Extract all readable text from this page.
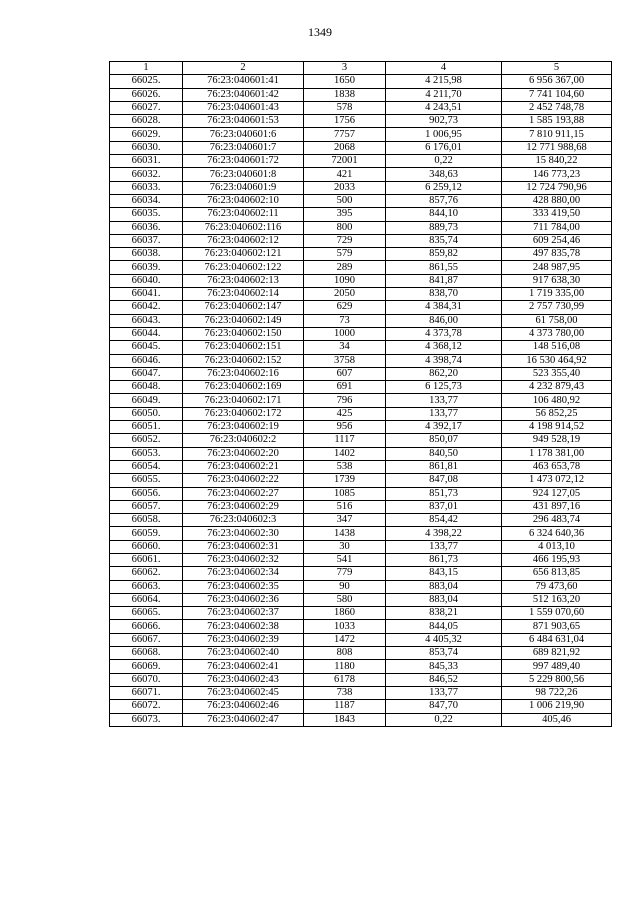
1349
1	2	3	4	5
66025.	76:23:040601:41	1650	4 215,98	6 956 367,00
66026.	76:23:040601:42	1838	4 211,70	7 741 104,60
66027.	76:23:040601:43	578	4 243,51	2 452 748,78
66028.	76:23:040601:53	1756	902,73	1 585 193,88
66029.	76:23:040601:6	7757	1 006,95	7 810 911,15
66030.	76:23:040601:7	2068	6 176,01	12 771 988,68
66031.	76:23:040601:72	72001	0,22	15 840,22
66032.	76:23:040601:8	421	348,63	146 773,23
66033.	76:23:040601:9	2033	6 259,12	12 724 790,96
66034.	76:23:040602:10	500	857,76	428 880,00
66035.	76:23:040602:11	395	844,10	333 419,50
66036.	76:23:040602:116	800	889,73	711 784,00
66037.	76:23:040602:12	729	835,74	609 254,46
66038.	76:23:040602:121	579	859,82	497 835,78
66039.	76:23:040602:122	289	861,55	248 987,95
66040.	76:23:040602:13	1090	841,87	917 638,30
66041.	76:23:040602:14	2050	838,70	1 719 335,00
66042.	76:23:040602:147	629	4 384,31	2 757 730,99
66043.	76:23:040602:149	73	846,00	61 758,00
66044.	76:23:040602:150	1000	4 373,78	4 373 780,00
66045.	76:23:040602:151	34	4 368,12	148 516,08
66046.	76:23:040602:152	3758	4 398,74	16 530 464,92
66047.	76:23:040602:16	607	862,20	523 355,40
66048.	76:23:040602:169	691	6 125,73	4 232 879,43
66049.	76:23:040602:171	796	133,77	106 480,92
66050.	76:23:040602:172	425	133,77	56 852,25
66051.	76:23:040602:19	956	4 392,17	4 198 914,52
66052.	76:23:040602:2	1117	850,07	949 528,19
66053.	76:23:040602:20	1402	840,50	1 178 381,00
66054.	76:23:040602:21	538	861,81	463 653,78
66055.	76:23:040602:22	1739	847,08	1 473 072,12
66056.	76:23:040602:27	1085	851,73	924 127,05
66057.	76:23:040602:29	516	837,01	431 897,16
66058.	76:23:040602:3	347	854,42	296 483,74
66059.	76:23:040602:30	1438	4 398,22	6 324 640,36
66060.	76:23:040602:31	30	133,77	4 013,10
66061.	76:23:040602:32	541	861,73	466 195,93
66062.	76:23:040602:34	779	843,15	656 813,85
66063.	76:23:040602:35	90	883,04	79 473,60
66064.	76:23:040602:36	580	883,04	512 163,20
66065.	76:23:040602:37	1860	838,21	1 559 070,60
66066.	76:23:040602:38	1033	844,05	871 903,65
66067.	76:23:040602:39	1472	4 405,32	6 484 631,04
66068.	76:23:040602:40	808	853,74	689 821,92
66069.	76:23:040602:41	1180	845,33	997 489,40
66070.	76:23:040602:43	6178	846,52	5 229 800,56
66071.	76:23:040602:45	738	133,77	98 722,26
66072.	76:23:040602:46	1187	847,70	1 006 219,90
66073.	76:23:040602:47	1843	0,22	405,46
